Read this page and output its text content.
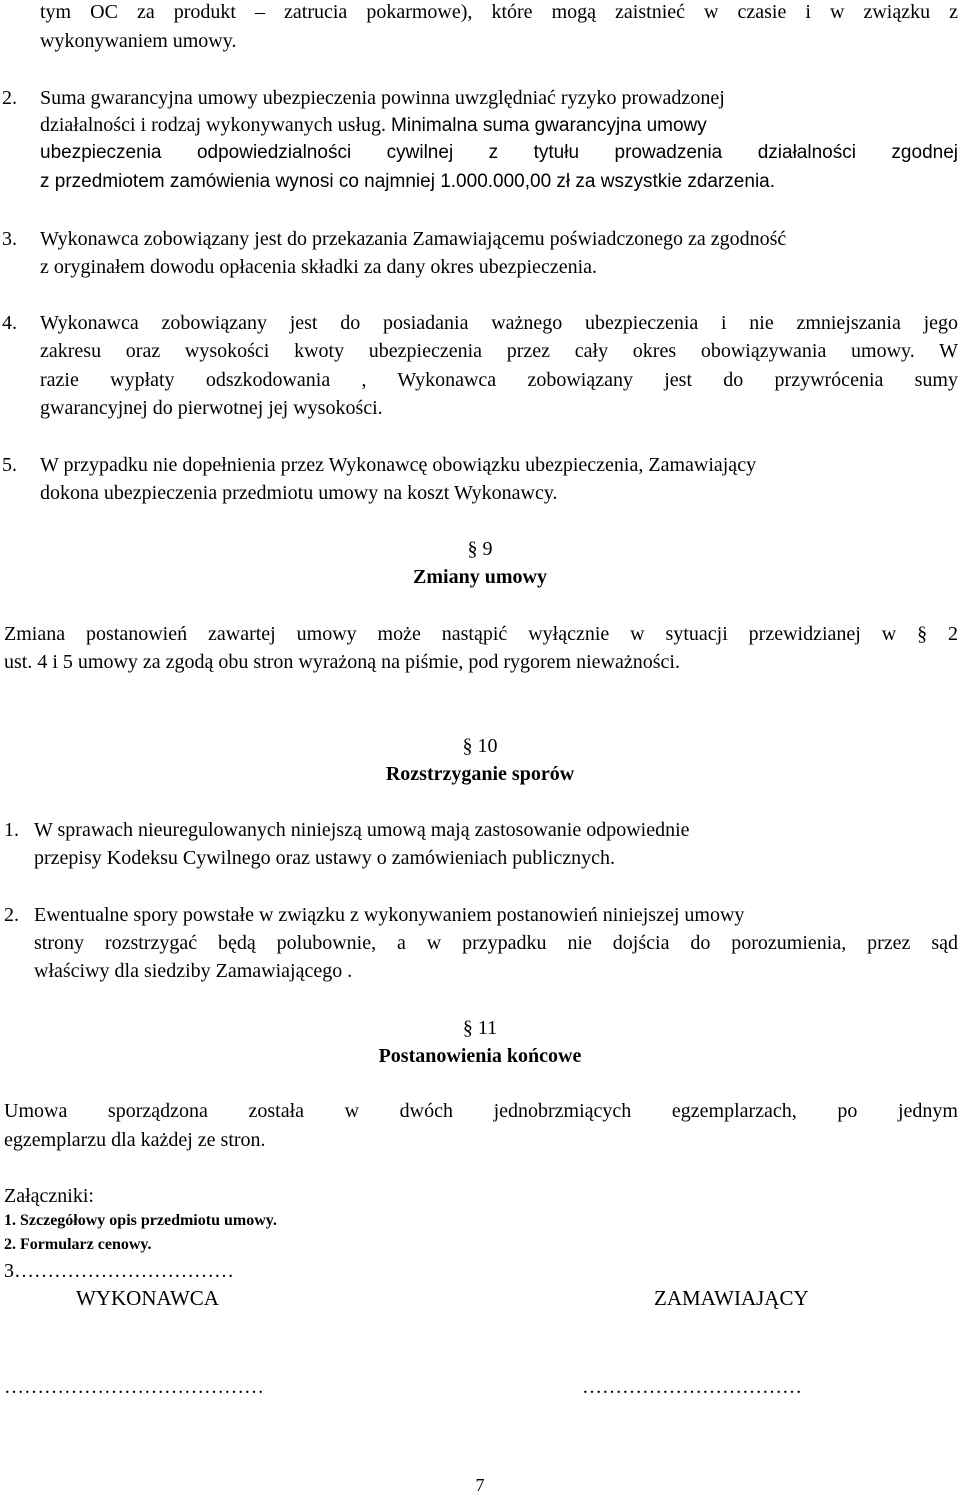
tym OC za produkt – zatrucia pokarmowe), które mogą zaistnieć w czasie i w związku z
wykonywaniem umowy.
2. Suma gwarancyjna umowy ubezpieczenia powinna uwzględniać ryzyko prowadzonej
działalności i rodzaj wykonywanych usług. Minimalna suma gwarancyjna umowy
ubezpieczenia odpowiedzialności cywilnej z tytułu prowadzenia działalności zgodnej
z przedmiotem zamówienia wynosi co najmniej 1.000.000,00 zł za wszystkie zdarzenia.
3. Wykonawca zobowiązany jest do przekazania Zamawiającemu poświadczonego za zgodność
z oryginałem dowodu opłacenia składki za dany okres ubezpieczenia.
4. Wykonawca zobowiązany jest do posiadania ważnego ubezpieczenia i nie zmniejszania jego
zakresu oraz wysokości kwoty ubezpieczenia przez cały okres obowiązywania umowy. W
razie wypłaty odszkodowania , Wykonawca zobowiązany jest do przywrócenia sumy
gwarancyjnej do pierwotnej jej wysokości.
5. W przypadku nie dopełnienia przez Wykonawcę obowiązku ubezpieczenia, Zamawiający
dokona ubezpieczenia przedmiotu umowy na koszt Wykonawcy.
§ 9
Zmiany umowy
Zmiana postanowień zawartej umowy może nastąpić wyłącznie w sytuacji przewidzianej w § 2
ust. 4 i 5 umowy za zgodą obu stron wyrażoną na piśmie, pod rygorem nieważności.
§ 10
Rozstrzyganie sporów
1. W sprawach nieuregulowanych niniejszą umową mają zastosowanie odpowiednie
przepisy Kodeksu Cywilnego oraz ustawy o zamówieniach publicznych.
2. Ewentualne spory powstałe w związku z wykonywaniem postanowień niniejszej umowy
strony rozstrzygać będą polubownie, a w przypadku nie dojścia do porozumienia, przez sąd
właściwy dla siedziby Zamawiającego .
§ 11
Postanowienia końcowe
Umowa sporządzona została w dwóch jednobrzmiących egzemplarzach, po jednym
egzemplarzu dla każdej ze stron.
Załączniki:
1. Szczegółowy opis przedmiotu umowy.
2. Formularz cenowy.
3……………………………
WYKONAWCA	ZAMAWIAJĄCY
…………………………………	……………………………
7
